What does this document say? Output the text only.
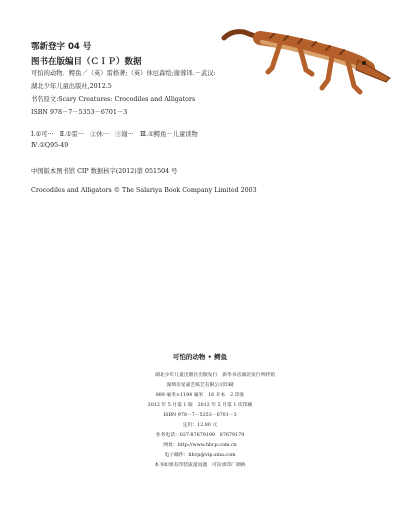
鄂新登字 04 号
图书在版编目（ＣＩＰ）数据
可怕的动物．鳄鱼／（英）雷格著;（英）休厄森绘;谢蓉译.－武汉:
湖北少年儿童出版社,2012.5
书名原文:Scary Creatures: Crocodiles and Alligators
ISBN 978－7－5353－6701－3
Ⅰ.①可···　Ⅱ.①雷···　②休···　③谢···　Ⅲ.①鳄鱼－儿童读物
Ⅳ.①Q95-49
中国版本图书馆 CIP 数据核字(2012)第 051504 号
Crocodiles and Alligators © The Salariya Book Company Limited 2003
可怕的动物 • 鳄鱼
湖北少年儿童出版社出版发行　新华书店湖北发行所经销
深圳市星嘉艺纸艺有限公司印刷
889 毫米×1194 毫米　16 开本　2 印张
2012 年 5 月第 1 版　2012 年 5 月第 1 次印刷
ISBN 978－7－5353－6701－3
定价：12.80 元
业务电话：027-87679199　87679179
网址：http://www.hbcp.com.cn
电子邮件：hbcp@vip.sina.com
本书如果有印装质量问题　可向承印厂调换
